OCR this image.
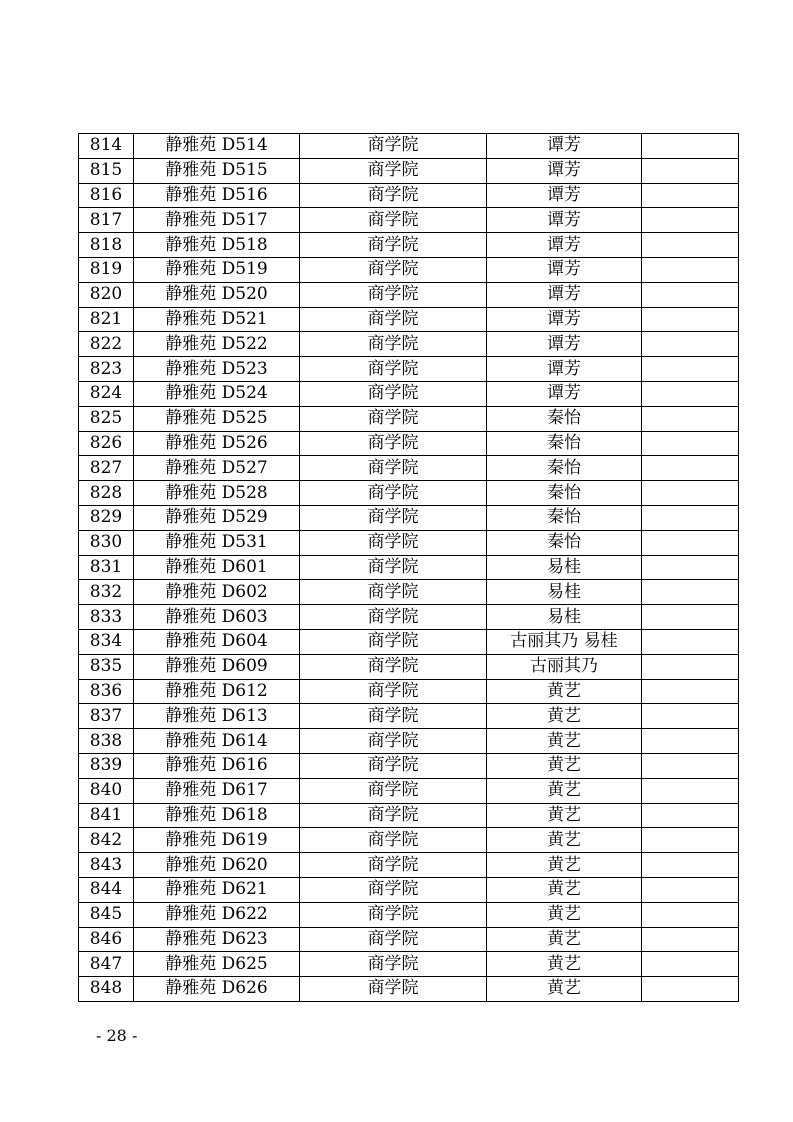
814	静雅苑 D514	商学院	谭芳	
815	静雅苑 D515	商学院	谭芳	
816	静雅苑 D516	商学院	谭芳	
817	静雅苑 D517	商学院	谭芳	
818	静雅苑 D518	商学院	谭芳	
819	静雅苑 D519	商学院	谭芳	
820	静雅苑 D520	商学院	谭芳	
821	静雅苑 D521	商学院	谭芳	
822	静雅苑 D522	商学院	谭芳	
823	静雅苑 D523	商学院	谭芳	
824	静雅苑 D524	商学院	谭芳	
825	静雅苑 D525	商学院	秦怡	
826	静雅苑 D526	商学院	秦怡	
827	静雅苑 D527	商学院	秦怡	
828	静雅苑 D528	商学院	秦怡	
829	静雅苑 D529	商学院	秦怡	
830	静雅苑 D531	商学院	秦怡	
831	静雅苑 D601	商学院	易桂	
832	静雅苑 D602	商学院	易桂	
833	静雅苑 D603	商学院	易桂	
834	静雅苑 D604	商学院	古丽其乃 易桂	
835	静雅苑 D609	商学院	古丽其乃	
836	静雅苑 D612	商学院	黄艺	
837	静雅苑 D613	商学院	黄艺	
838	静雅苑 D614	商学院	黄艺	
839	静雅苑 D616	商学院	黄艺	
840	静雅苑 D617	商学院	黄艺	
841	静雅苑 D618	商学院	黄艺	
842	静雅苑 D619	商学院	黄艺	
843	静雅苑 D620	商学院	黄艺	
844	静雅苑 D621	商学院	黄艺	
845	静雅苑 D622	商学院	黄艺	
846	静雅苑 D623	商学院	黄艺	
847	静雅苑 D625	商学院	黄艺	
848	静雅苑 D626	商学院	黄艺	
- 28 -
